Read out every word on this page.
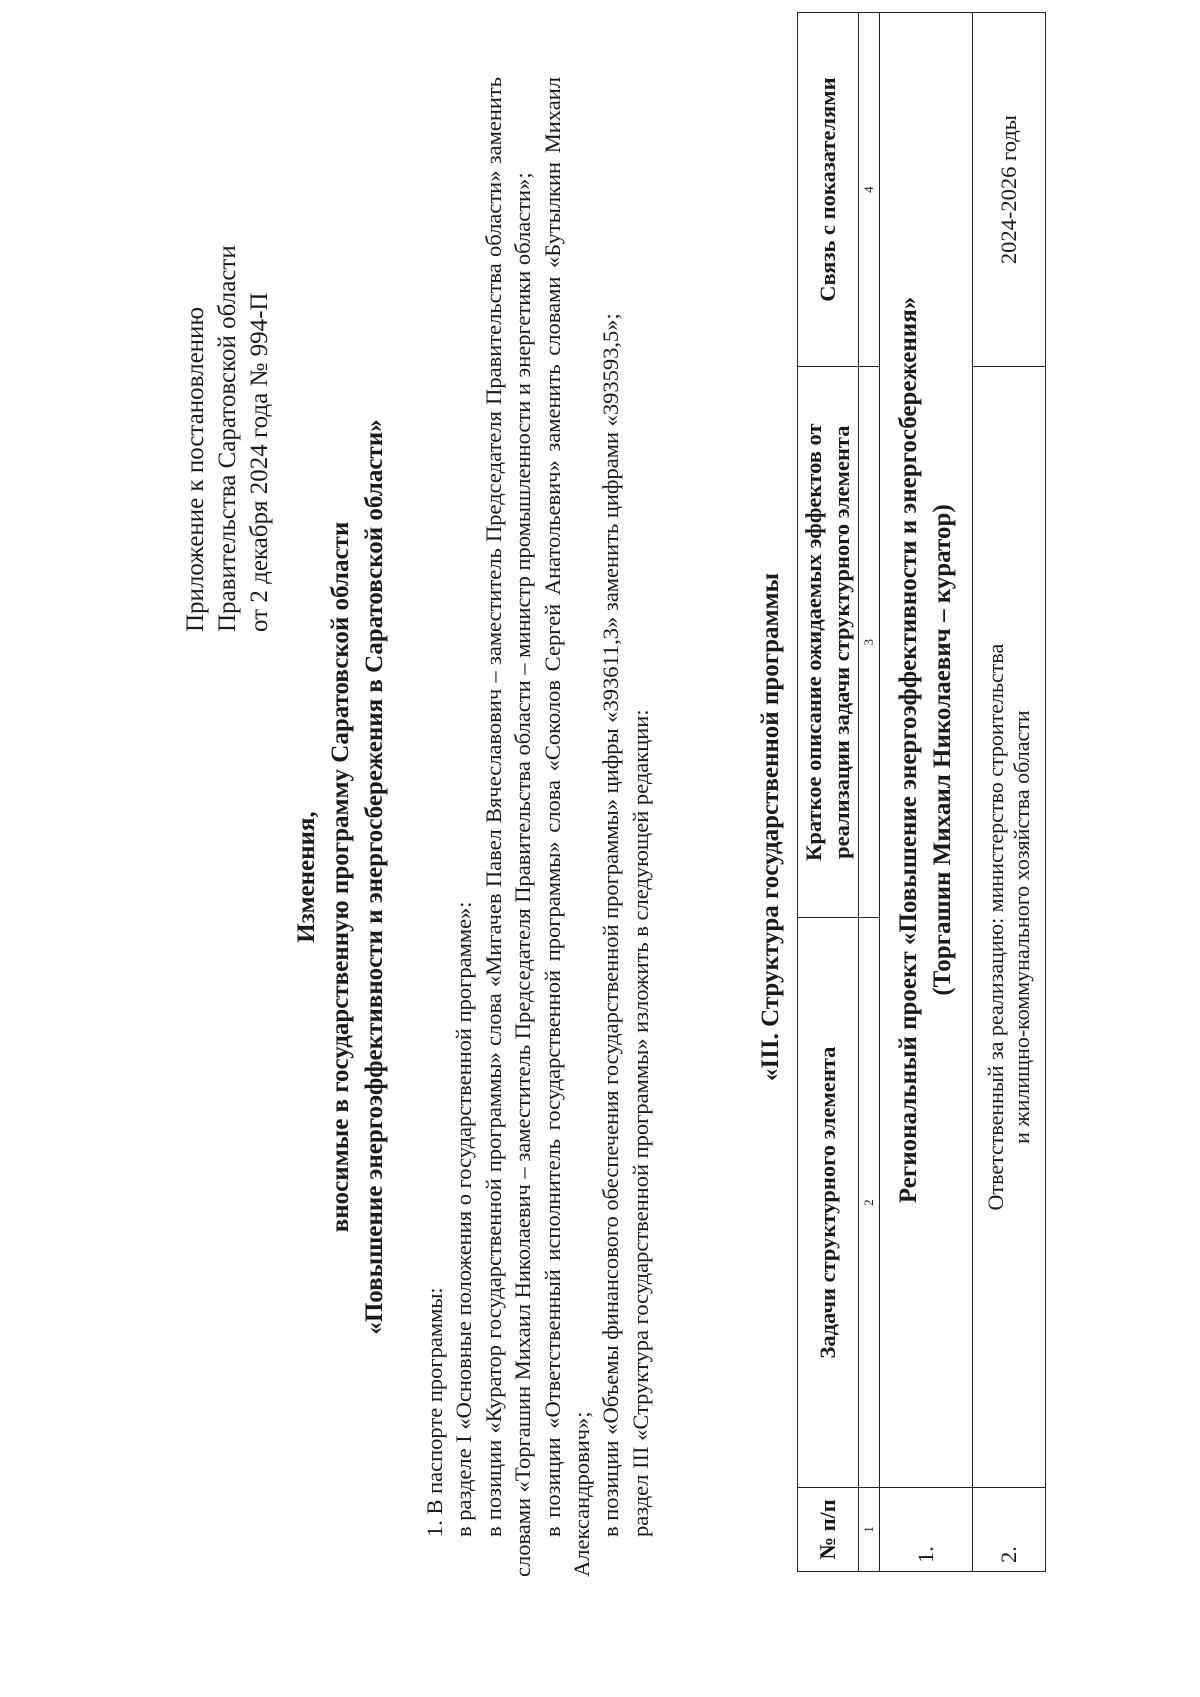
Приложение к постановлению Правительства Саратовской области от 2 декабря 2024 года № 994-П
Изменения, вносимые в государственную программу Саратовской области «Повышение энергоэффективности и энергосбережения в Саратовской области»

1. В паспорте программы: в разделе I «Основные положения о государственной программе»: в позиции «Куратор государственной программы» слова «Мигачев Павел Вячеславович – заместитель Председателя Правительства области» заменить словами «Торгашин Михаил Николаевич – заместитель Председателя Правительства области – министр промышленности и энергетики области»; в позиции «Ответственный исполнитель государственной программы» слова «Соколов Сергей Анатольевич» заменить словами «Бутылкин Михаил Александрович»; в позиции «Объемы финансового обеспечения государственной программы» цифры «393611,3» заменить цифрами «393593,5»; раздел III «Структура государственной программы» изложить в следующей редакции:	«III. Структура государственной программы
№ п/п	Задачи структурного элемента	Краткое описание ожидаемых эффектов от реализации задачи структурного элемента	Связь с показателями
1	2	3	4
1.	Региональный проект «Повышение энергоэффективности и энергосбережения» (Торгашин Михаил Николаевич – куратор)		

2.	Ответственный за реализацию: министерство строительства и жилищно-коммунального хозяйства области		2024-2026 годы
